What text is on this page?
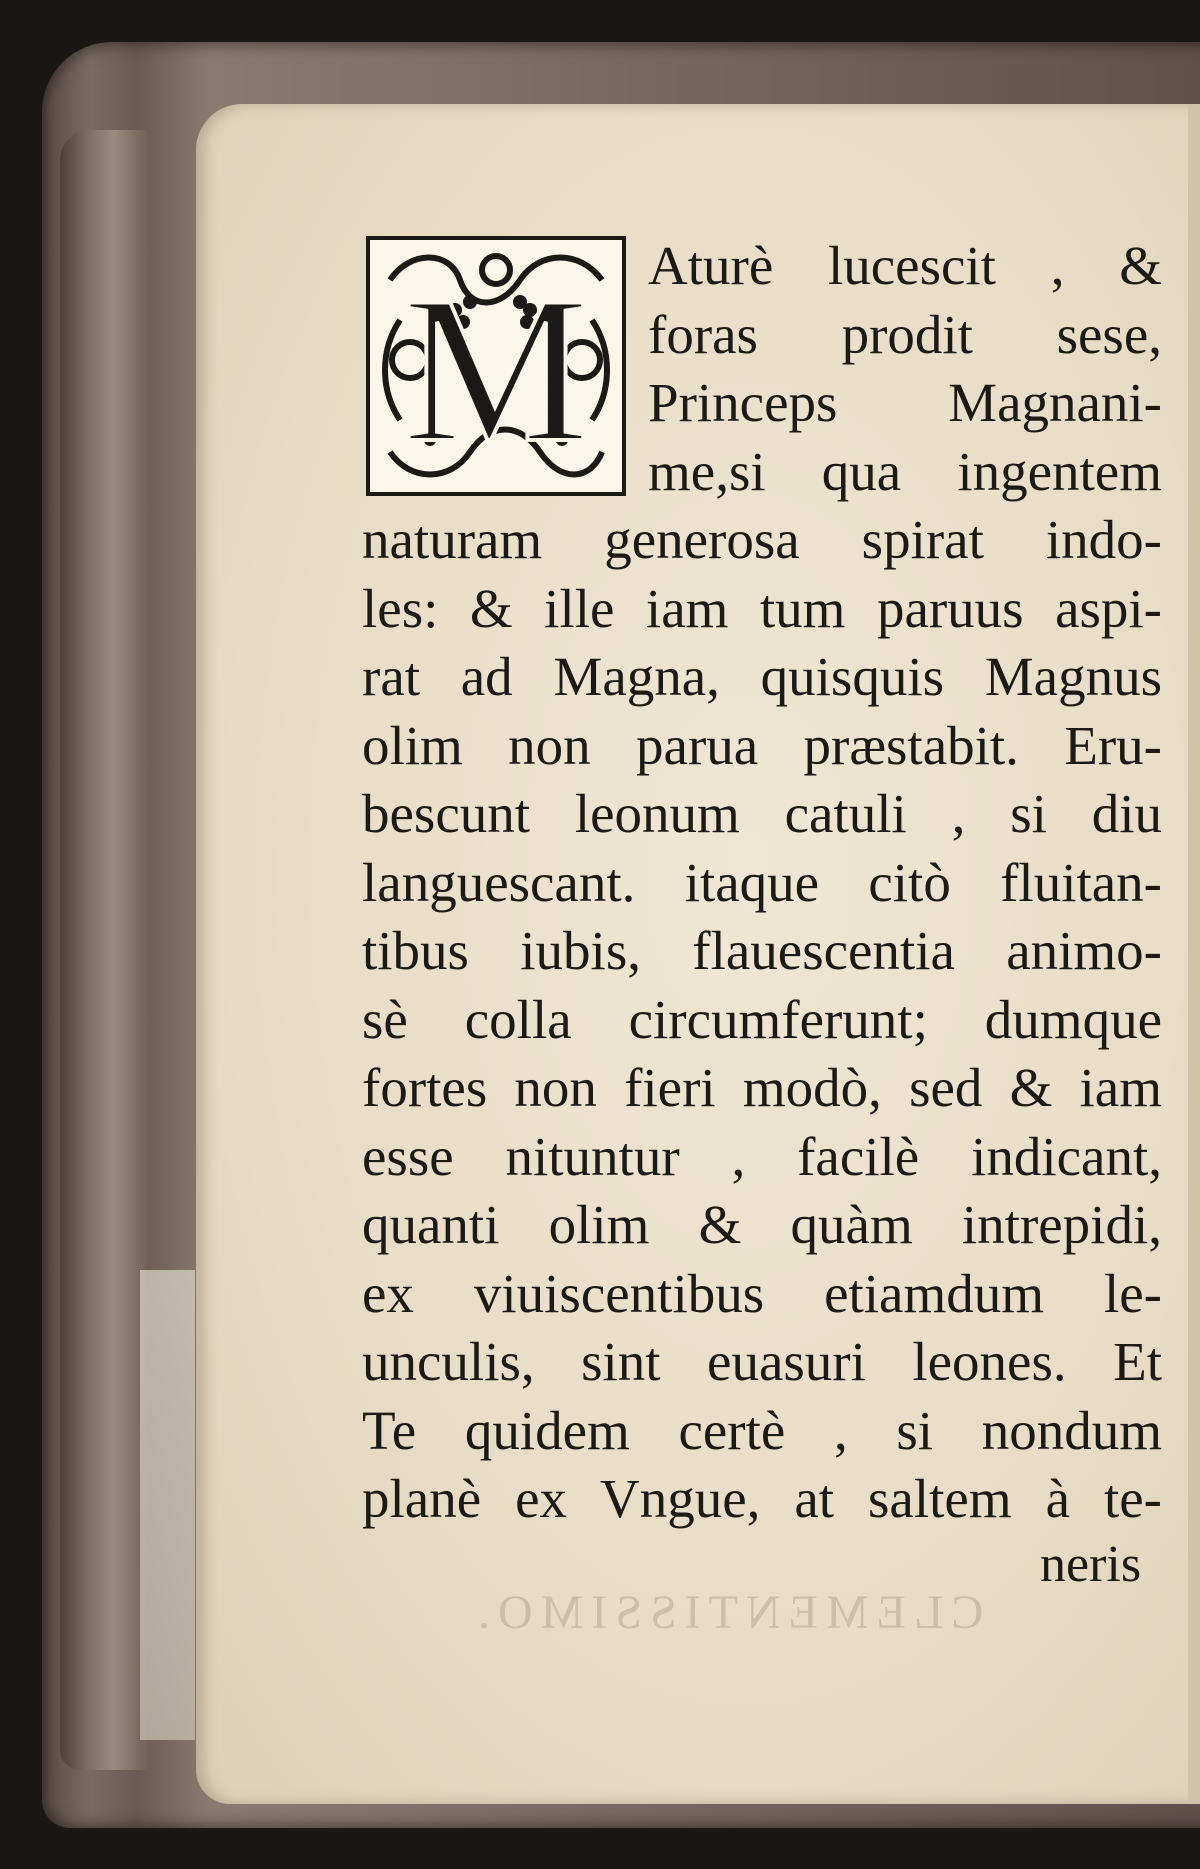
CLEMENTISSIMO.
M Aturè lucescit , &
foras prodit sese,
Princeps Magnani-
me,si qua ingentem
naturam generosa spirat indo-
les: & ille iam tum paruus aspi-
rat ad Magna, quisquis Magnus
olim non parua præstabit. Eru-
bescunt leonum catuli , si diu
languescant. itaque citò fluitan-
tibus iubis, flauescentia animo-
sè colla circumferunt; dumque
fortes non fieri modò, sed & iam
esse nituntur , facilè indicant,
quanti olim & quàm intrepidi,
ex viuiscentibus etiamdum le-
unculis, sint euasuri leones. Et
Te quidem certè , si nondum
planè ex Vngue, at saltem à te-
neris
